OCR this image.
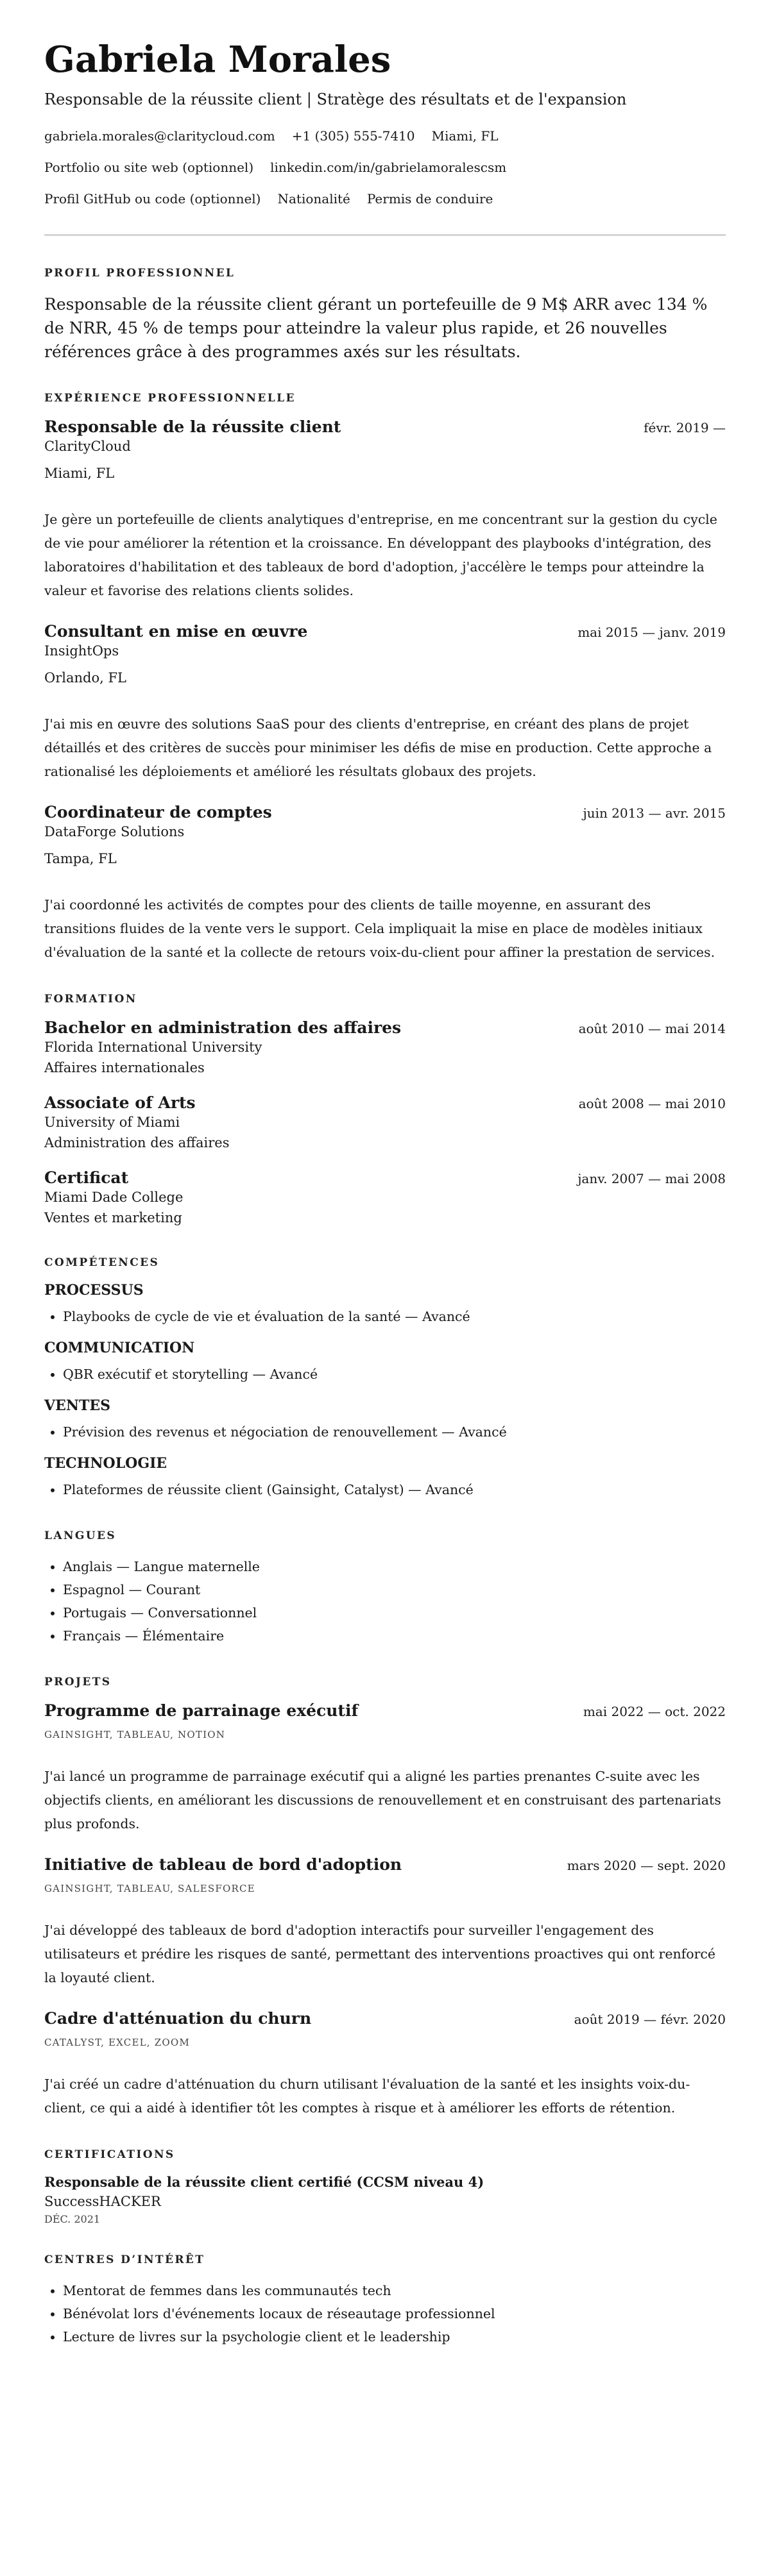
Gabriela Morales
Responsable de la réussite client | Stratège des résultats et de l'expansion
gabriela.morales@claritycloud.com +1 (305) 555-7410 Miami, FL
Portfolio ou site web (optionnel) linkedin.com/in/gabrielamoralescsm
Profil GitHub ou code (optionnel) Nationalité Permis de conduire
PROFIL PROFESSIONNEL

Responsable de la réussite client gérant un portefeuille de 9 M$ ARR avec 134 % de NRR, 45 % de temps pour atteindre la valeur plus rapide, et 26 nouvelles références grâce à des programmes axés sur les résultats.

EXPÉRIENCE PROFESSIONNELLE
Responsable de la réussite client	févr. 2019 —
ClarityCloud
Miami, FL
Je gère un portefeuille de clients analytiques d'entreprise, en me concentrant sur la gestion du cycle de vie pour améliorer la rétention et la croissance. En développant des playbooks d'intégration, des laboratoires d'habilitation et des tableaux de bord d'adoption, j'accélère le temps pour atteindre la valeur et favorise des relations clients solides.
Consultant en mise en œuvre	mai 2015 — janv. 2019
InsightOps
Orlando, FL
J'ai mis en œuvre des solutions SaaS pour des clients d'entreprise, en créant des plans de projet détaillés et des critères de succès pour minimiser les défis de mise en production. Cette approche a rationalisé les déploiements et amélioré les résultats globaux des projets.
Coordinateur de comptes	juin 2013 — avr. 2015
DataForge Solutions
Tampa, FL
J'ai coordonné les activités de comptes pour des clients de taille moyenne, en assurant des transitions fluides de la vente vers le support. Cela impliquait la mise en place de modèles initiaux d'évaluation de la santé et la collecte de retours voix-du-client pour affiner la prestation de services.
FORMATION
Bachelor en administration des affaires	août 2010 — mai 2014
Florida International University
Affaires internationales
Associate of Arts	août 2008 — mai 2010
University of Miami
Administration des affaires
Certificat	janv. 2007 — mai 2008
Miami Dade College
Ventes et marketing
COMPÉTENCES
PROCESSUS
• Playbooks de cycle de vie et évaluation de la santé — Avancé
COMMUNICATION
• QBR exécutif et storytelling — Avancé
VENTES
• Prévision des revenus et négociation de renouvellement — Avancé
TECHNOLOGIE
• Plateformes de réussite client (Gainsight, Catalyst) — Avancé
LANGUES
• Anglais — Langue maternelle
• Espagnol — Courant
• Portugais — Conversationnel
• Français — Élémentaire
PROJETS
Programme de parrainage exécutif	mai 2022 — oct. 2022
GAINSIGHT, TABLEAU, NOTION
J'ai lancé un programme de parrainage exécutif qui a aligné les parties prenantes C-suite avec les objectifs clients, en améliorant les discussions de renouvellement et en construisant des partenariats plus profonds.
Initiative de tableau de bord d'adoption	mars 2020 — sept. 2020
GAINSIGHT, TABLEAU, SALESFORCE
J'ai développé des tableaux de bord d'adoption interactifs pour surveiller l'engagement des utilisateurs et prédire les risques de santé, permettant des interventions proactives qui ont renforcé la loyauté client.
Cadre d'atténuation du churn	août 2019 — févr. 2020
CATALYST, EXCEL, ZOOM
J'ai créé un cadre d'atténuation du churn utilisant l'évaluation de la santé et les insights voix-du-client, ce qui a aidé à identifier tôt les comptes à risque et à améliorer les efforts de rétention.
CERTIFICATIONS
Responsable de la réussite client certifié (CCSM niveau 4)
SuccessHACKER
DÉC. 2021
CENTRES D’INTÉRÊT
• Mentorat de femmes dans les communautés tech
• Bénévolat lors d'événements locaux de réseautage professionnel
• Lecture de livres sur la psychologie client et le leadership
